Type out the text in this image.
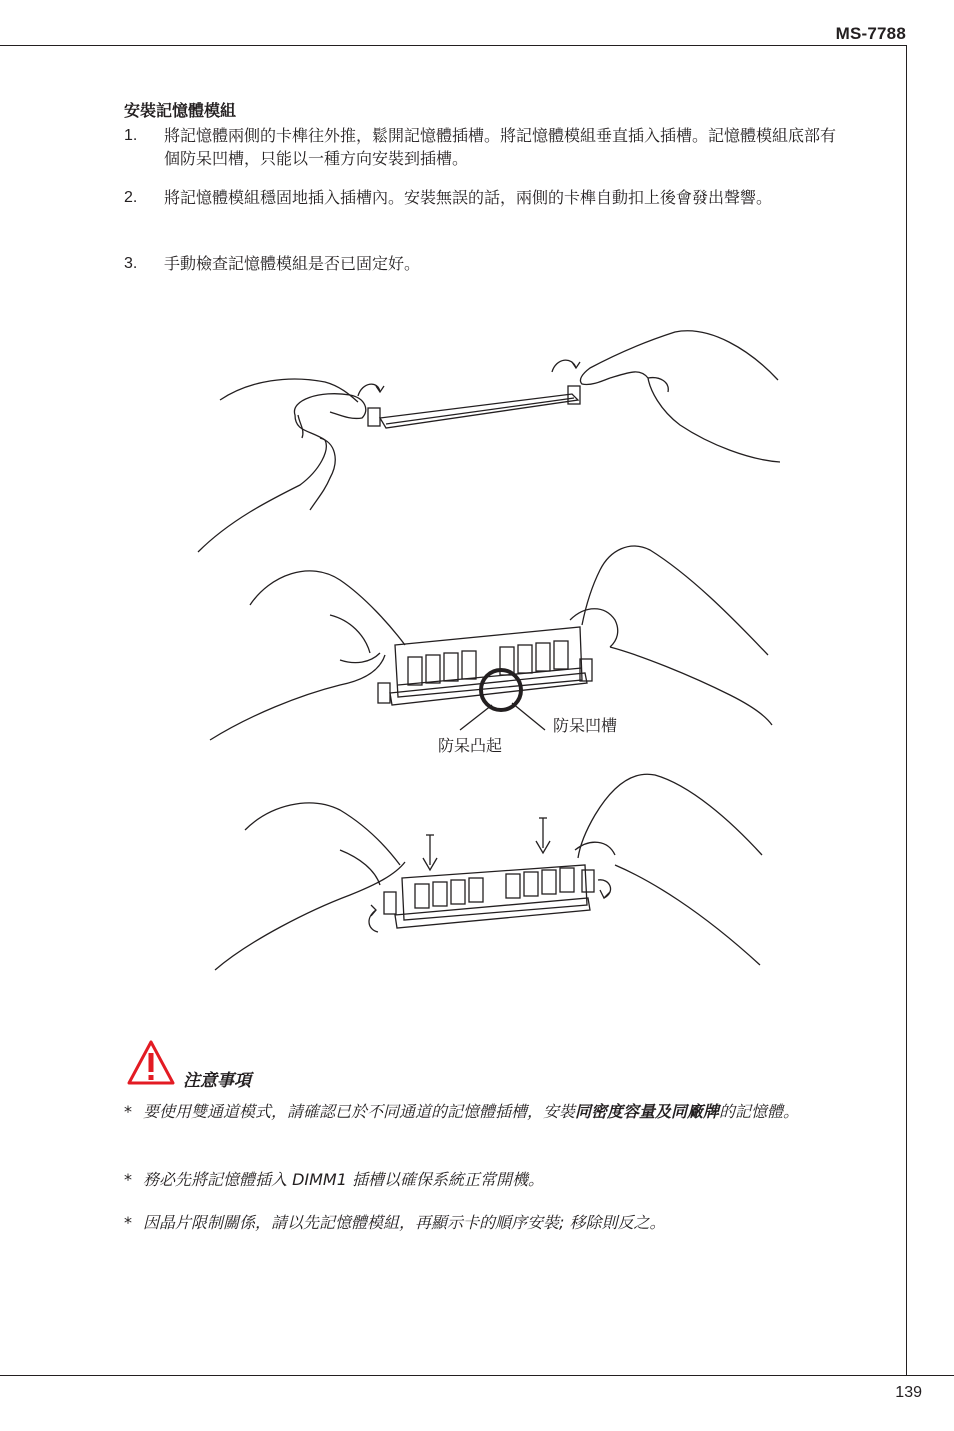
MS-7788
安裝記憶體模組
1. 將記憶體兩側的卡榫往外推，鬆開記憶體插槽。將記憶體模組垂直插入插槽。記憶體模組底部有個防呆凹槽，只能以一種方向安裝到插槽。
2. 將記憶體模組穩固地插入插槽內。安裝無誤的話，兩側的卡榫自動扣上後會發出聲響。
3. 手動檢查記憶體模組是否已固定好。
防呆凹槽
防呆凸起
注意事項
* 要使用雙通道模式，請確認已於不同通道的記憶體插槽，安裝同密度容量及同廠牌的記憶體。
* 務必先將記憶體插入 DIMM1 插槽以確保系統正常開機。
* 因晶片限制關係，請以先記憶體模組，再顯示卡的順序安裝; 移除則反之。
139
